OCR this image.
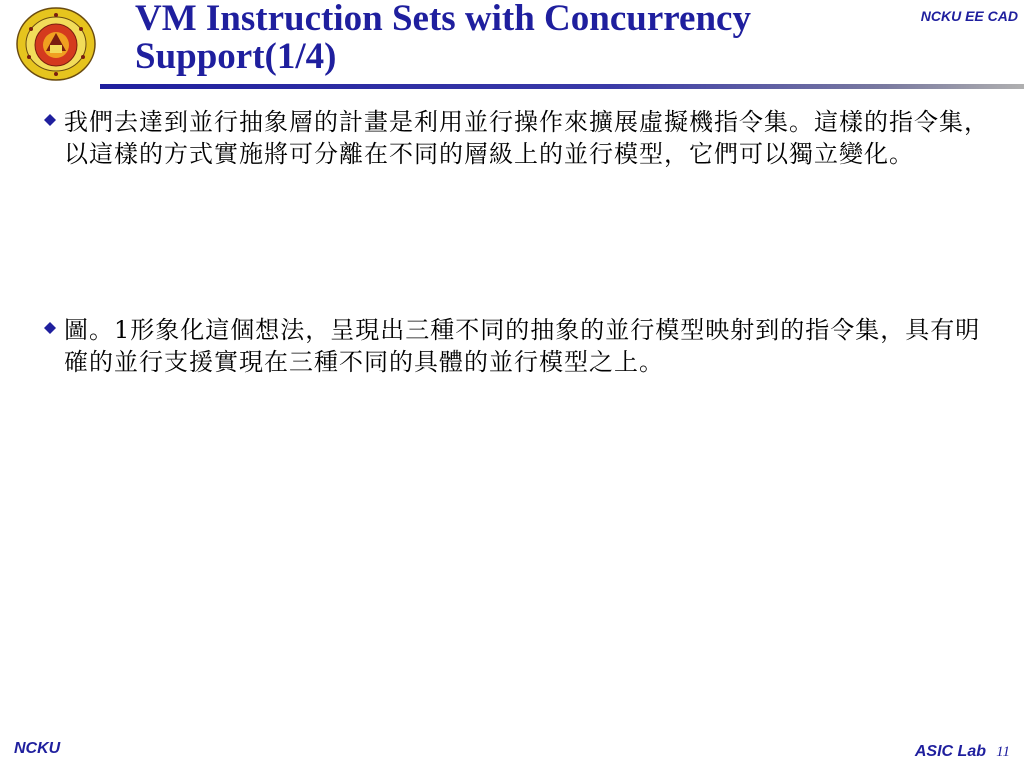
VM Instruction Sets with Concurrency
Support(1/4)
NCKU EE CAD
我們去達到並行抽象層的計畫是利用並行操作來擴展虛擬機指令集。這樣的指令集，以這樣的方式實施將可分離在不同的層級上的並行模型，它們可以獨立變化。
圖。1形象化這個想法，呈現出三種不同的抽象的並行模型映射到的指令集，具有明確的並行支援實現在三種不同的具體的並行模型之上。
NCKU	ASIC Lab 11
